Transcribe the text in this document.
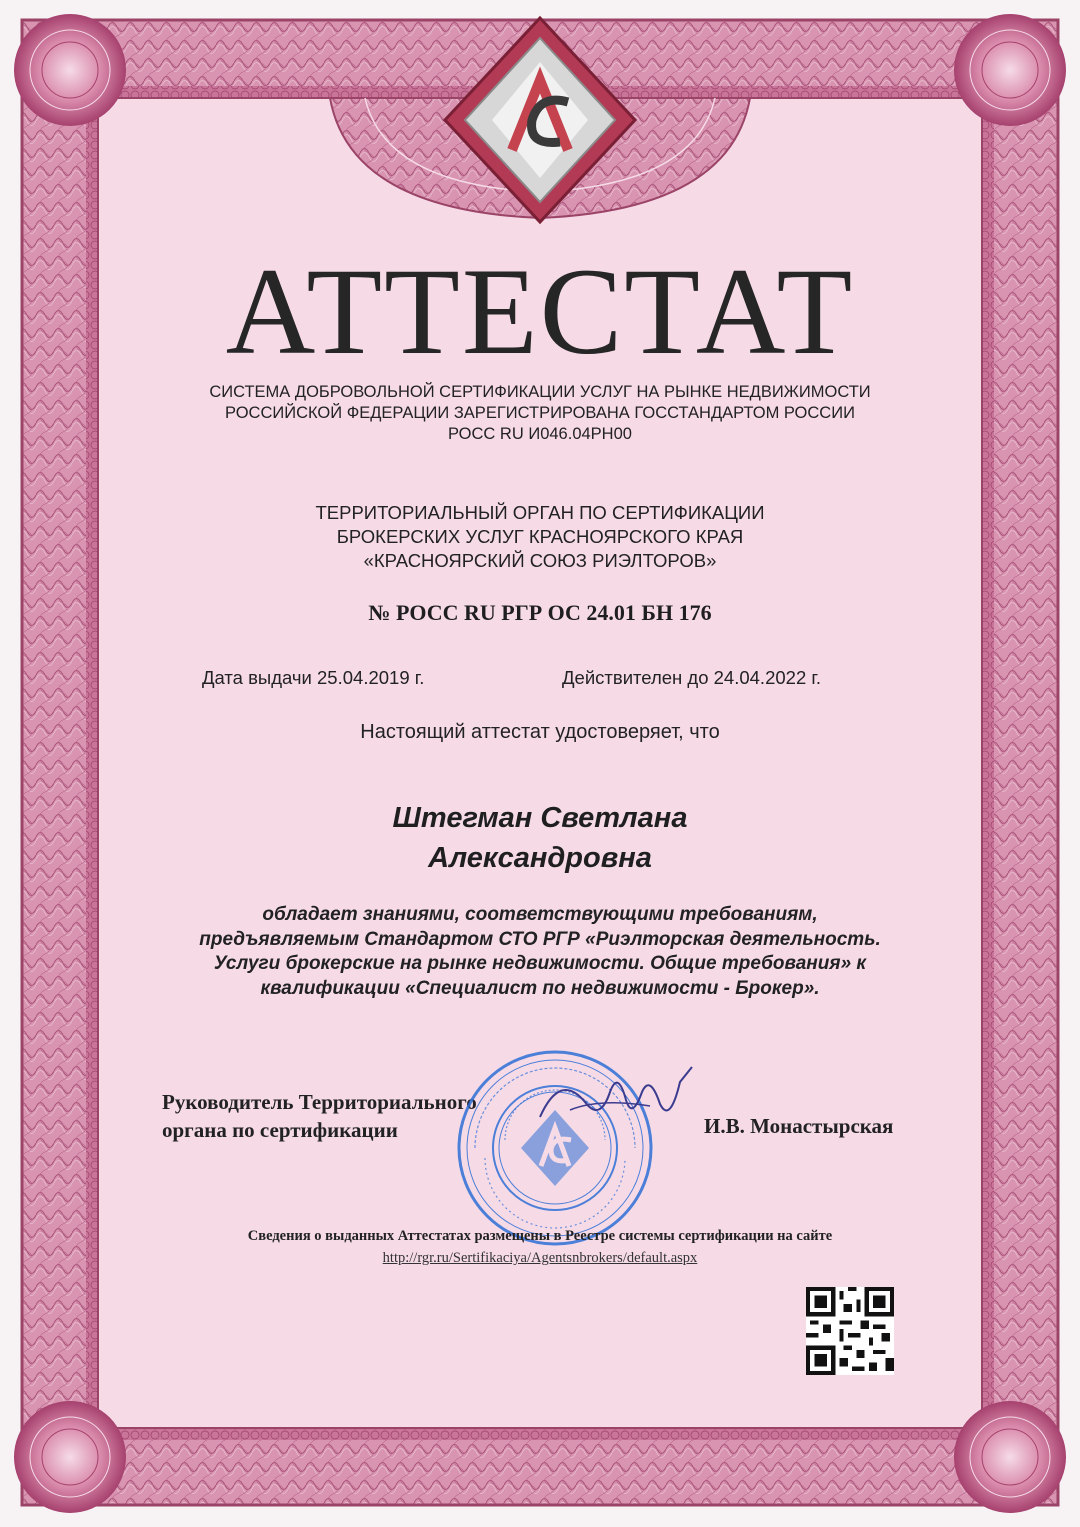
АТТЕСТАТ
СИСТЕМА ДОБРОВОЛЬНОЙ СЕРТИФИКАЦИИ УСЛУГ НА РЫНКЕ НЕДВИЖИМОСТИ
РОССИЙСКОЙ ФЕДЕРАЦИИ ЗАРЕГИСТРИРОВАНА ГОССТАНДАРТОМ РОССИИ
РОСС RU И046.04РН00
ТЕРРИТОРИАЛЬНЫЙ ОРГАН ПО СЕРТИФИКАЦИИ
БРОКЕРСКИХ УСЛУГ КРАСНОЯРСКОГО КРАЯ
«КРАСНОЯРСКИЙ СОЮЗ РИЭЛТОРОВ»
№ РОСС RU РГР ОС 24.01 БН 176
Дата выдачи 25.04.2019 г.	Действителен до 24.04.2022 г.
Настоящий аттестат удостоверяет, что
Штегман Светлана
Александровна
обладает знаниями, соответствующими требованиям,
предъявляемым Стандартом СТО РГР «Риэлторская деятельность.
Услуги брокерские на рынке недвижимости. Общие требования» к
квалификации «Специалист по недвижимости - Брокер».
Руководитель Территориального
органа по сертификации	И.В. Монастырская
Сведения о выданных Аттестатах размещены в Реестре системы сертификации на сайте
http://rgr.ru/Sertifikaciya/Agentsnbrokers/default.aspx
